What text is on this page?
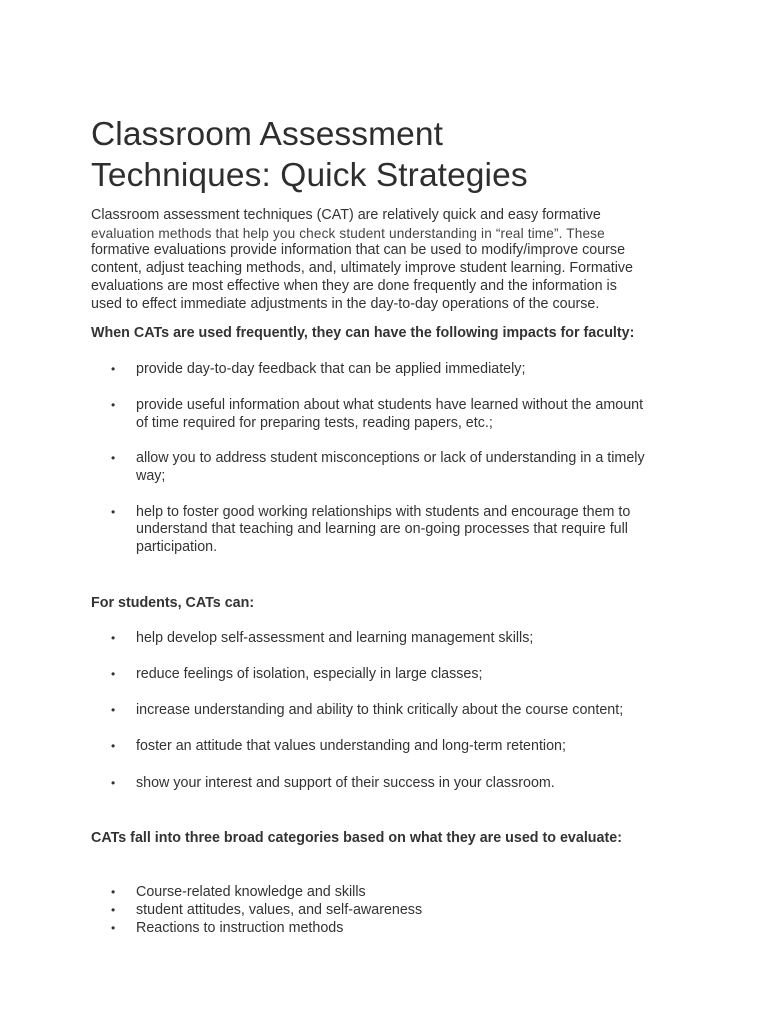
Classroom Assessment
Techniques: Quick Strategies

Classroom assessment techniques (CAT) are relatively quick and easy formative
evaluation methods that help you check student understanding in “real time”. These
formative evaluations provide information that can be used to modify/improve course
content, adjust teaching methods, and, ultimately improve student learning. Formative
evaluations are most effective when they are done frequently and the information is
used to effect immediate adjustments in the day-to-day operations of the course.

When CATs are used frequently, they can have the following impacts for faculty:

• provide day-to-day feedback that can be applied immediately;
• provide useful information about what students have learned without the amount
of time required for preparing tests, reading papers, etc.;
• allow you to address student misconceptions or lack of understanding in a timely
way;
• help to foster good working relationships with students and encourage them to
understand that teaching and learning are on-going processes that require full
participation.

For students, CATs can:

• help develop self-assessment and learning management skills;
• reduce feelings of isolation, especially in large classes;
• increase understanding and ability to think critically about the course content;
• foster an attitude that values understanding and long-term retention;
• show your interest and support of their success in your classroom.

CATs fall into three broad categories based on what they are used to evaluate:

• Course-related knowledge and skills
• student attitudes, values, and self-awareness
• Reactions to instruction methods
